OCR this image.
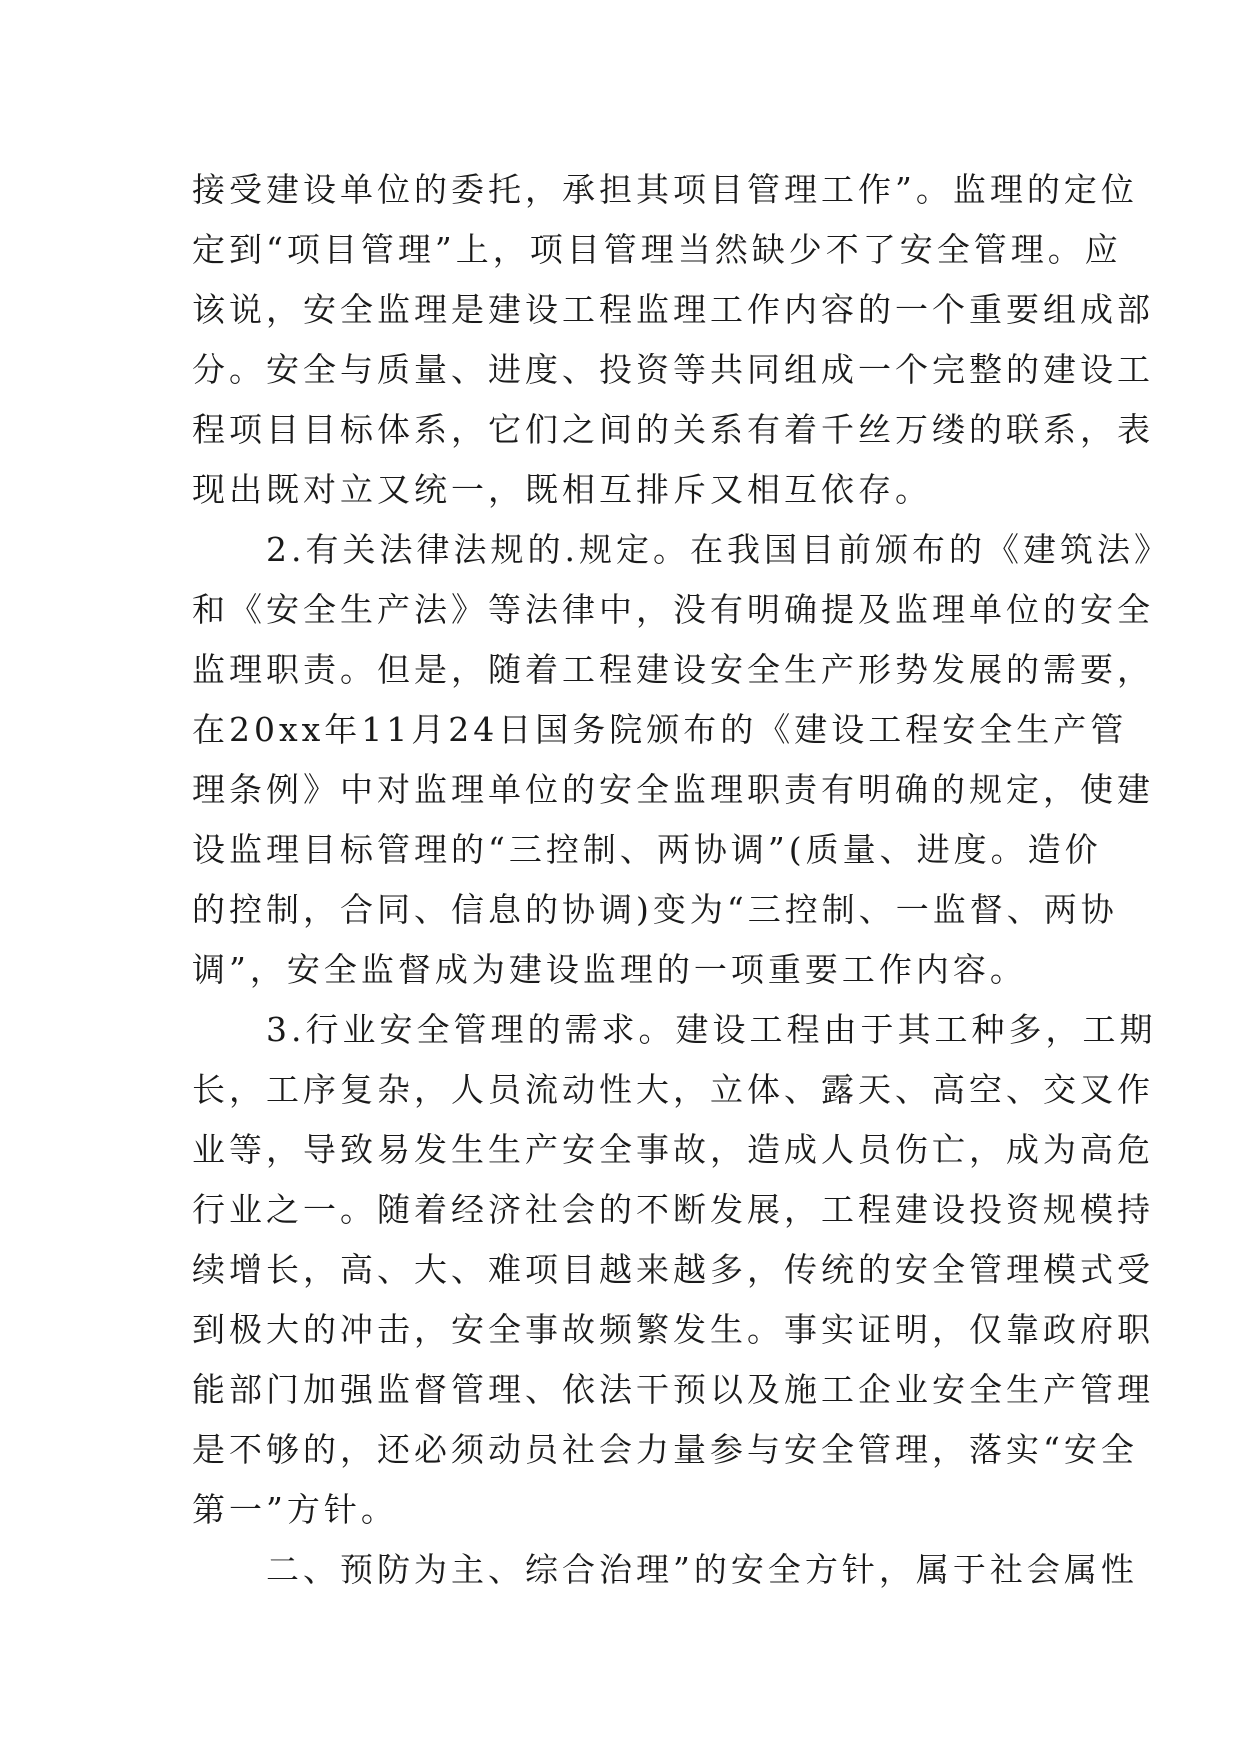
接受建设单位的委托，承担其项目管理工作”。监理的定位
定到“项目管理”上，项目管理当然缺少不了安全管理。应
该说，安全监理是建设工程监理工作内容的一个重要组成部
分。安全与质量、进度、投资等共同组成一个完整的建设工
程项目目标体系，它们之间的关系有着千丝万缕的联系，表
现出既对立又统一，既相互排斥又相互依存。
　　2.有关法律法规的.规定。在我国目前颁布的《建筑法》
和《安全生产法》等法律中，没有明确提及监理单位的安全
监理职责。但是，随着工程建设安全生产形势发展的需要，
在20xx年11月24日国务院颁布的《建设工程安全生产管
理条例》中对监理单位的安全监理职责有明确的规定，使建
设监理目标管理的“三控制、两协调”(质量、进度。造价
的控制，合同、信息的协调)变为“三控制、一监督、两协
调”，安全监督成为建设监理的一项重要工作内容。
　　3.行业安全管理的需求。建设工程由于其工种多，工期
长，工序复杂，人员流动性大，立体、露天、高空、交叉作
业等，导致易发生生产安全事故，造成人员伤亡，成为高危
行业之一。随着经济社会的不断发展，工程建设投资规模持
续增长，高、大、难项目越来越多，传统的安全管理模式受
到极大的冲击，安全事故频繁发生。事实证明，仅靠政府职
能部门加强监督管理、依法干预以及施工企业安全生产管理
是不够的，还必须动员社会力量参与安全管理，落实“安全
第一”方针。
　　二、预防为主、综合治理”的安全方针，属于社会属性
